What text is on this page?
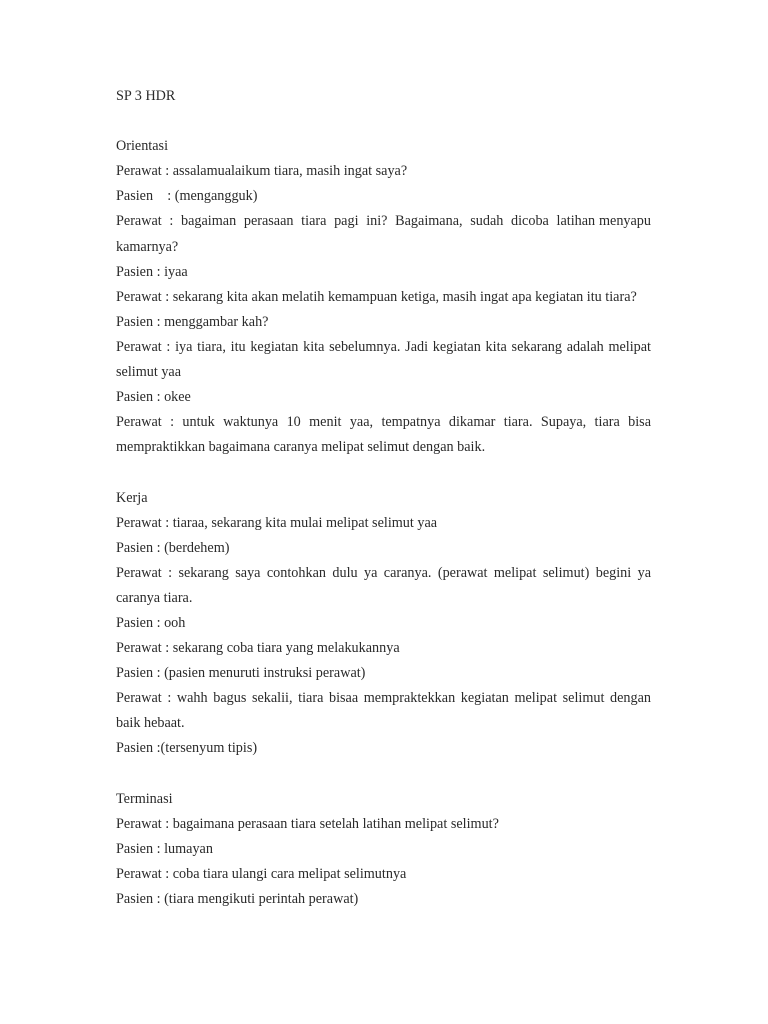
SP 3 HDR
Orientasi
Perawat : assalamualaikum tiara, masih ingat saya?
Pasien    : (mengangguk)
Perawat  :  bagaiman  perasaan  tiara  pagi  ini?  Bagaimana,  sudah  dicoba  latihan menyapu kamarnya?
Pasien : iyaa
Perawat : sekarang kita akan melatih kemampuan ketiga, masih ingat apa kegiatan itu tiara?
Pasien : menggambar kah?
Perawat : iya tiara, itu kegiatan kita sebelumnya. Jadi kegiatan kita sekarang adalah melipat selimut yaa
Pasien : okee
Perawat : untuk waktunya 10 menit yaa, tempatnya dikamar tiara. Supaya, tiara bisa mempraktikkan bagaimana caranya melipat selimut dengan baik.
Kerja
Perawat : tiaraa, sekarang kita mulai melipat selimut yaa
Pasien : (berdehem)
Perawat : sekarang saya contohkan dulu ya caranya. (perawat melipat selimut) begini ya caranya tiara.
Pasien : ooh
Perawat : sekarang coba tiara yang melakukannya
Pasien : (pasien menuruti instruksi perawat)
Perawat : wahh bagus sekalii, tiara bisaa mempraktekkan kegiatan melipat selimut dengan baik hebaat.
Pasien :(tersenyum tipis)
Terminasi
Perawat : bagaimana perasaan tiara setelah latihan melipat selimut?
Pasien : lumayan
Perawat : coba tiara ulangi cara melipat selimutnya
Pasien : (tiara mengikuti perintah perawat)
